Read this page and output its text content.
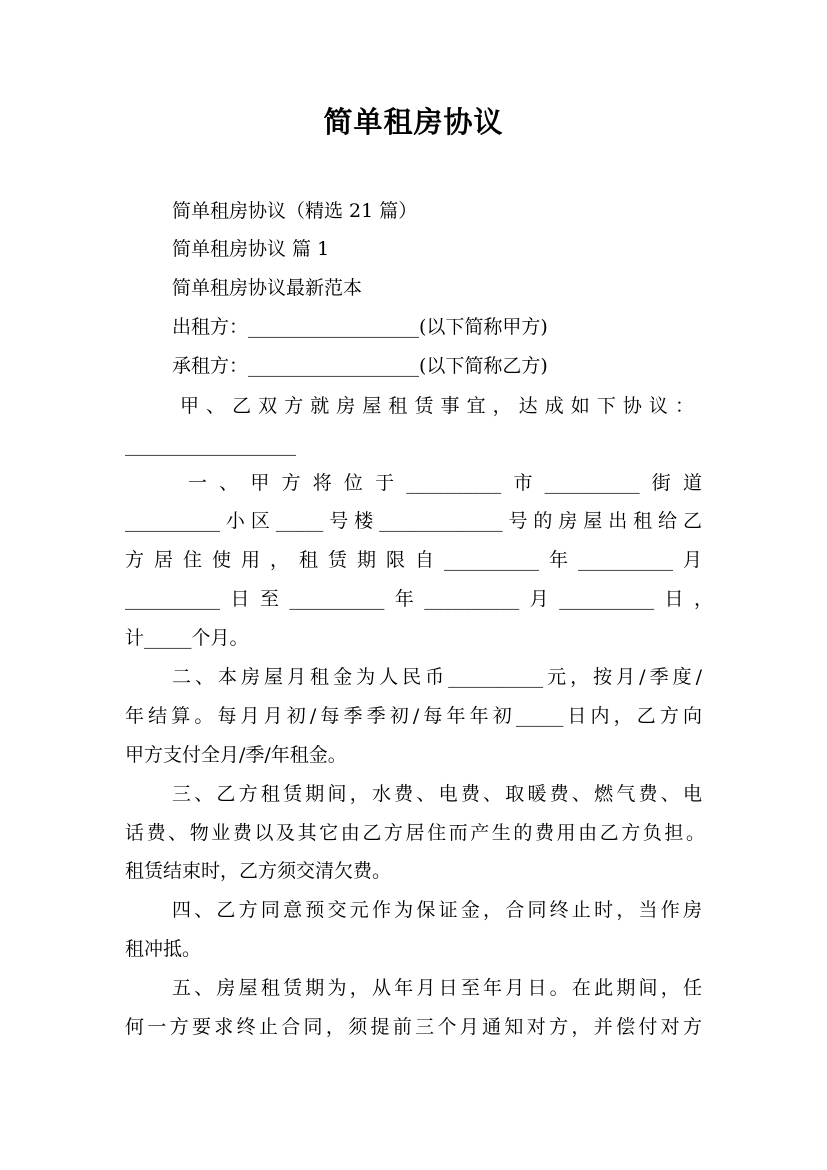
简单租房协议
简单租房协议（精选 21 篇）
简单租房协议 篇 1
简单租房协议最新范本
出租方：__________________(以下简称甲方)
承租方：__________________(以下简称乙方)
甲、乙双方就房屋租赁事宜，达成如下协议：
__________________
一、甲方将位于__________市__________街道
__________小区_____号楼_____________号的房屋出租给乙
方居住使用，租赁期限自__________年__________月
__________日至__________年__________月__________日，
计_____个月。
二、本房屋月租金为人民币__________元，按月/季度/
年结算。每月月初/每季季初/每年年初_____日内，乙方向
甲方支付全月/季/年租金。
三、乙方租赁期间，水费、电费、取暖费、燃气费、电
话费、物业费以及其它由乙方居住而产生的费用由乙方负担。
租赁结束时，乙方须交清欠费。
四、乙方同意预交元作为保证金，合同终止时，当作房
租冲抵。
五、房屋租赁期为，从年月日至年月日。在此期间，任
何一方要求终止合同，须提前三个月通知对方，并偿付对方
